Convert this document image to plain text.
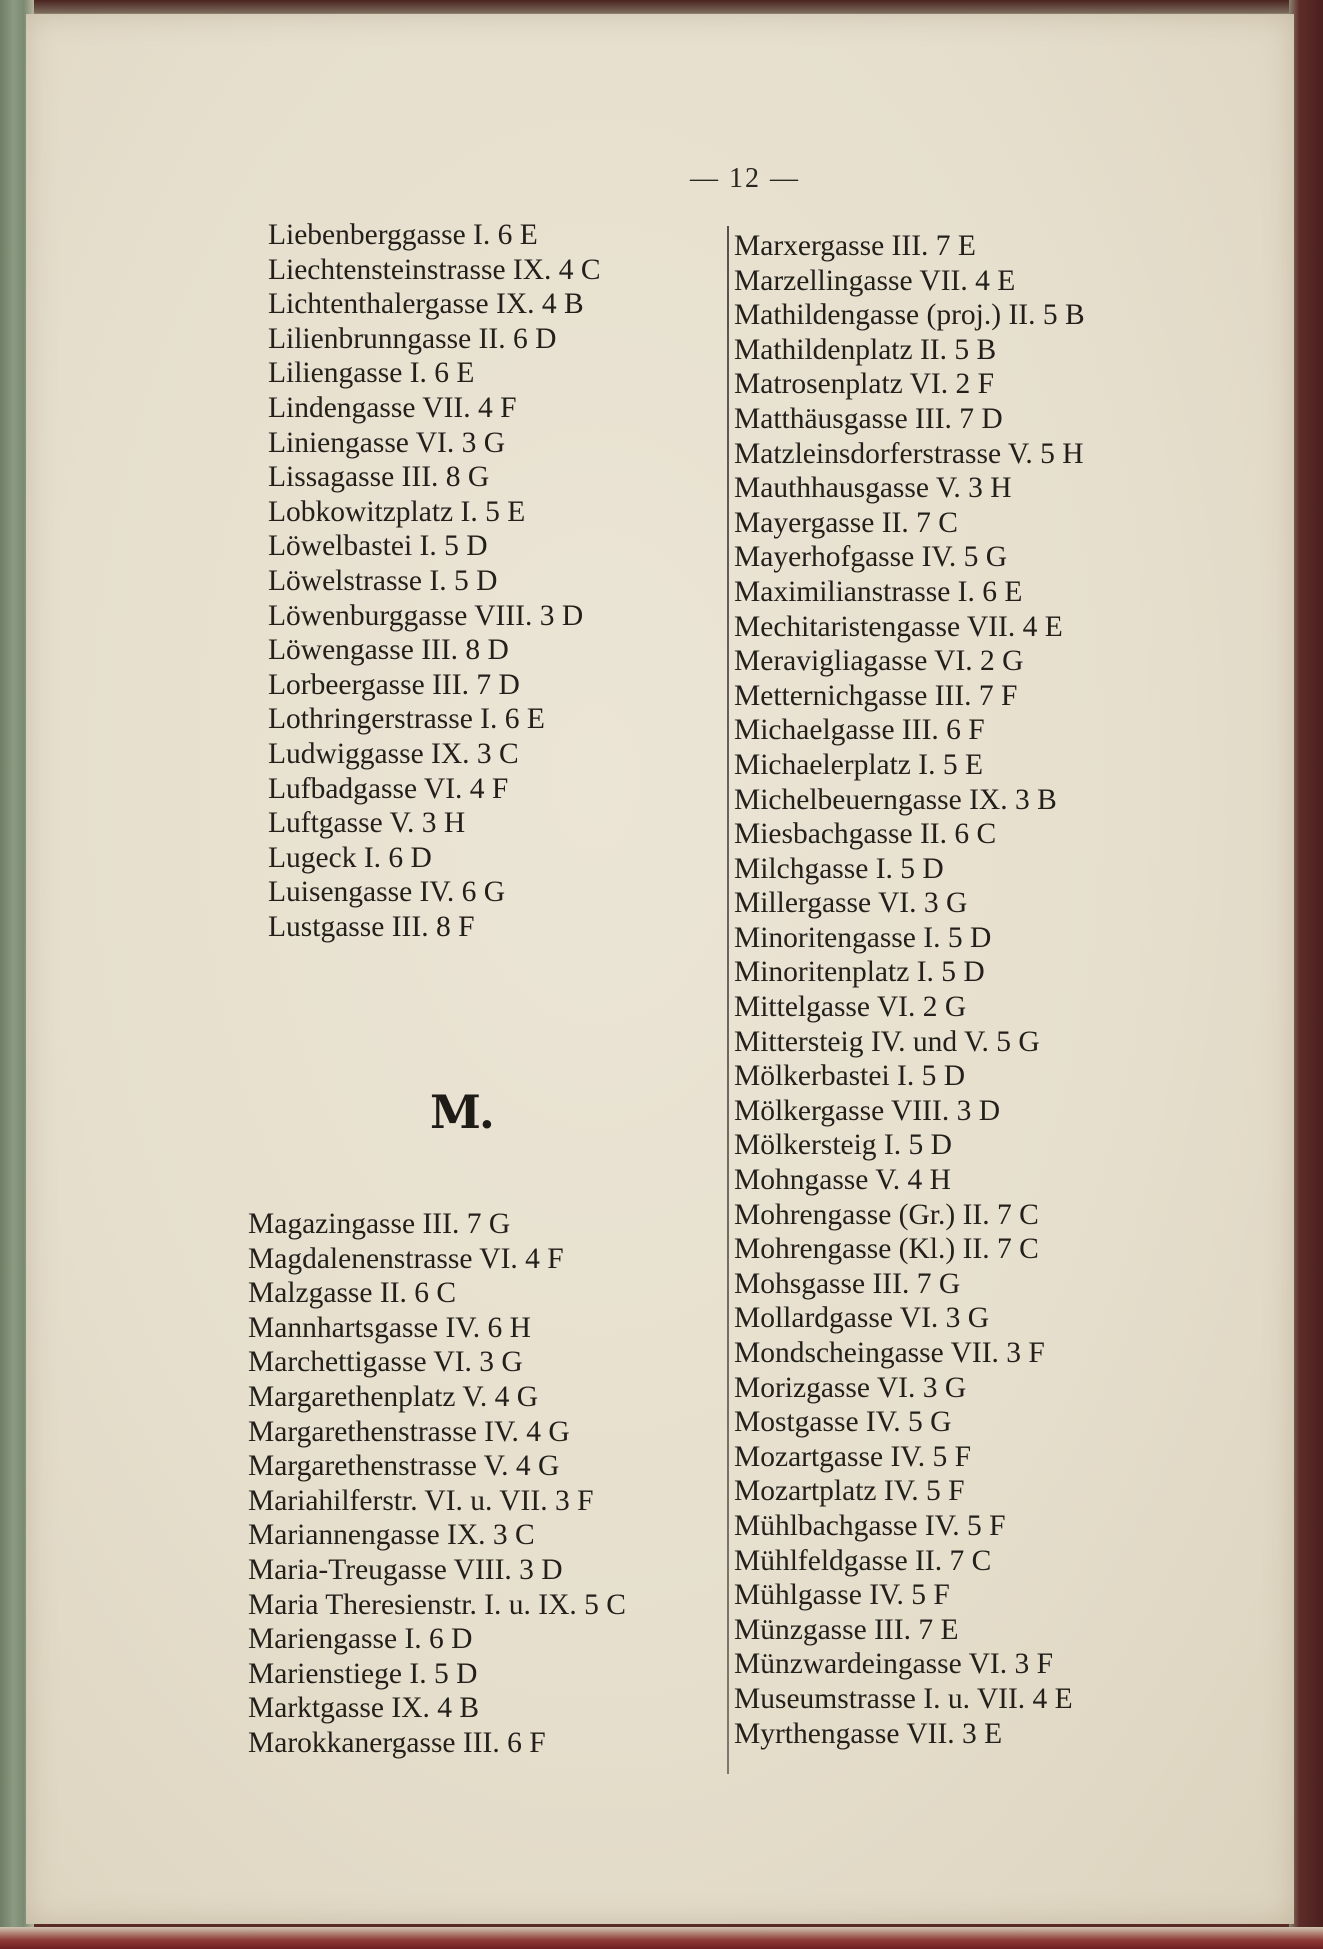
— 12 —
Liebenberggasse I. 6 E
Liechtensteinstrasse IX. 4 C
Lichtenthalergasse IX. 4 B
Lilienbrunngasse II. 6 D
Liliengasse I. 6 E
Lindengasse VII. 4 F
Liniengasse VI. 3 G
Lissagasse III. 8 G
Lobkowitzplatz I. 5 E
Löwelbastei I. 5 D
Löwelstrasse I. 5 D
Löwenburggasse VIII. 3 D
Löwengasse III. 8 D
Lorbeergasse III. 7 D
Lothringerstrasse I. 6 E
Ludwiggasse IX. 3 C
Lufbadgasse VI. 4 F
Luftgasse V. 3 H
Lugeck I. 6 D
Luisengasse IV. 6 G
Lustgasse III. 8 F
M.
Magazingasse III. 7 G
Magdalenenstrasse VI. 4 F
Malzgasse II. 6 C
Mannhartsgasse IV. 6 H
Marchettigasse VI. 3 G
Margarethenplatz V. 4 G
Margarethenstrasse IV. 4 G
Margarethenstrasse V. 4 G
Mariahilferstr. VI. u. VII. 3 F
Mariannengasse IX. 3 C
Maria-Treugasse VIII. 3 D
Maria Theresienstr. I. u. IX. 5 C
Mariengasse I. 6 D
Marienstiege I. 5 D
Marktgasse IX. 4 B
Marokkanergasse III. 6 F
Marxergasse III. 7 E
Marzellingasse VII. 4 E
Mathildengasse (proj.) II. 5 B
Mathildenplatz II. 5 B
Matrosenplatz VI. 2 F
Matthäusgasse III. 7 D
Matzleinsdorferstrasse V. 5 H
Mauthhausgasse V. 3 H
Mayergasse II. 7 C
Mayerhofgasse IV. 5 G
Maximilianstrasse I. 6 E
Mechitaristengasse VII. 4 E
Meravigliagasse VI. 2 G
Metternichgasse III. 7 F
Michaelgasse III. 6 F
Michaelerplatz I. 5 E
Michelbeuerngasse IX. 3 B
Miesbachgasse II. 6 C
Milchgasse I. 5 D
Millergasse VI. 3 G
Minoritengasse I. 5 D
Minoritenplatz I. 5 D
Mittelgasse VI. 2 G
Mittersteig IV. und V. 5 G
Mölkerbastei I. 5 D
Mölkergasse VIII. 3 D
Mölkersteig I. 5 D
Mohngasse V. 4 H
Mohrengasse (Gr.) II. 7 C
Mohrengasse (Kl.) II. 7 C
Mohsgasse III. 7 G
Mollardgasse VI. 3 G
Mondscheingasse VII. 3 F
Morizgasse VI. 3 G
Mostgasse IV. 5 G
Mozartgasse IV. 5 F
Mozartplatz IV. 5 F
Mühlbachgasse IV. 5 F
Mühlfeldgasse II. 7 C
Mühlgasse IV. 5 F
Münzgasse III. 7 E
Münzwardeingasse VI. 3 F
Museumstrasse I. u. VII. 4 E
Myrthengasse VII. 3 E
